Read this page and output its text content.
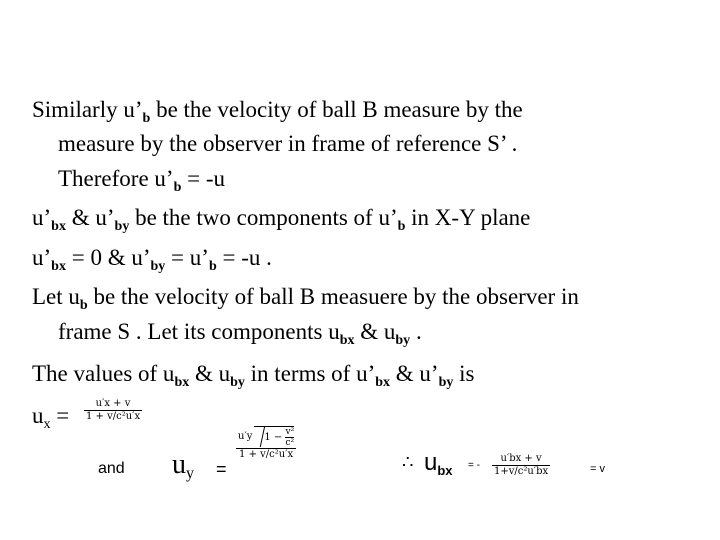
Similarly $u’_b$ be the velocity of ball B measure by the
measure by the observer in frame of reference S’ .
Therefore $u’_b = -u$
$u’_{bx}$ & $u’_{by}$ be the two components of $u’_b$ in X-Y plane
$u’_{bx} = 0$ & $u’_{by}$ = $u’_b = -u$ .
Let $u_b$ be the velocity of ball B measuere by the observer in
frame S . Let its components $u_{bx}$ & $u_{by}$ .
The values of $u_{bx}$ & $u_{by}$ in terms of $u’_{bx}$ & $u’_{by}$ is
$u_x$ =	u′x + v
1 + v/c²u′x
and $u_y$ =
u′y	$1 - \frac{\text{v²}}{\text{c²}}$
1 + v/c²u′x	∴ $u_{bx}$ = -
u′bx + v
1+v/c²u′bx	= v
